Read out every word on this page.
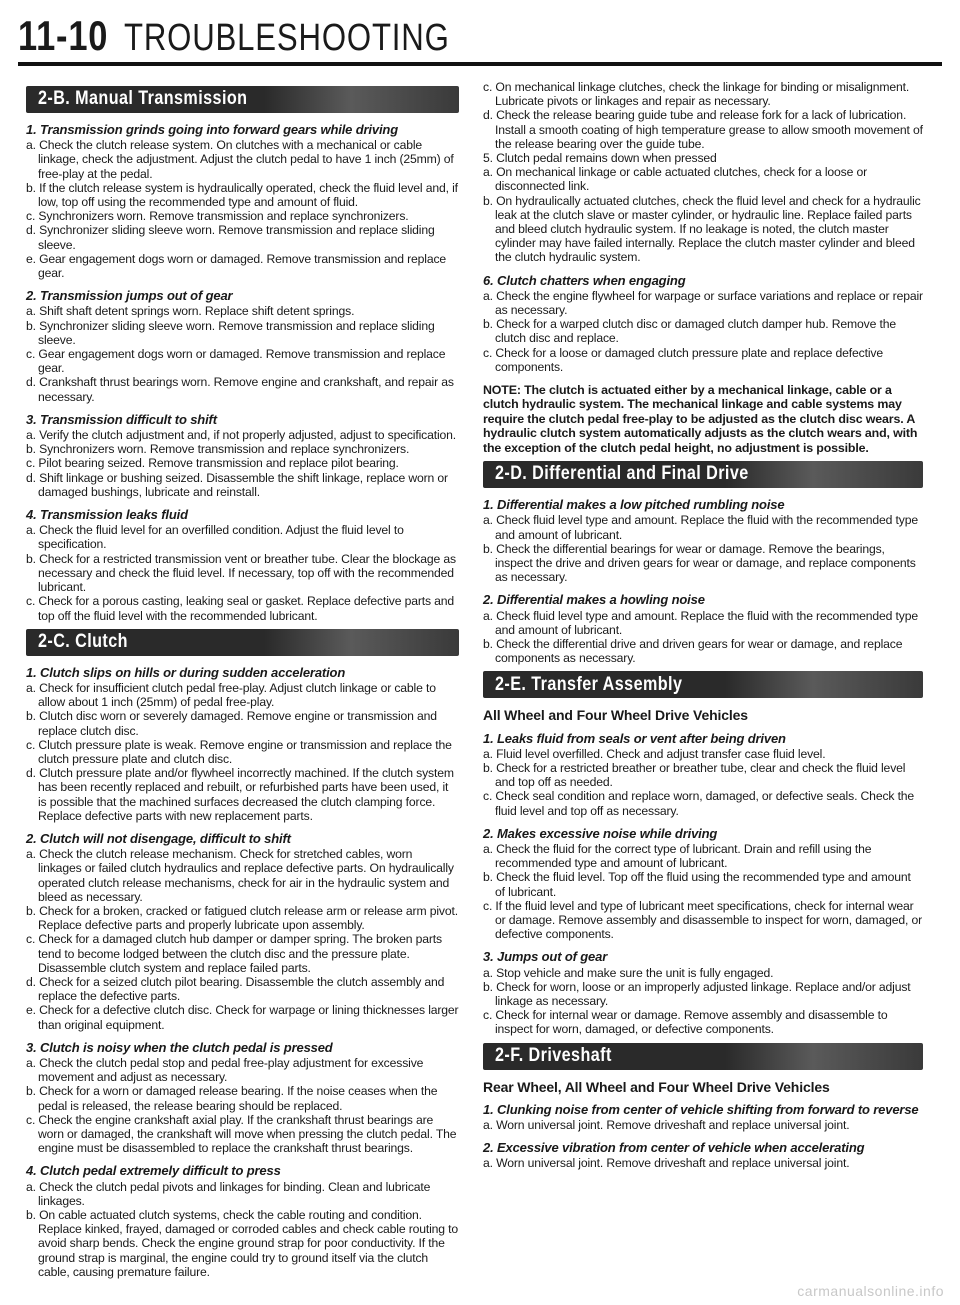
11-10 TROUBLESHOOTING
2-B. Manual Transmission
1. Transmission grinds going into forward gears while driving
a. Check the clutch release system. On clutches with a mechanical or cable linkage, check the adjustment. Adjust the clutch pedal to have 1 inch (25mm) of free-play at the pedal.
b. If the clutch release system is hydraulically operated, check the fluid level and, if low, top off using the recommended type and amount of fluid.
c. Synchronizers worn. Remove transmission and replace synchronizers.
d. Synchronizer sliding sleeve worn. Remove transmission and replace sliding sleeve.
e. Gear engagement dogs worn or damaged. Remove transmission and replace gear.
2. Transmission jumps out of gear
a. Shift shaft detent springs worn. Replace shift detent springs.
b. Synchronizer sliding sleeve worn. Remove transmission and replace sliding sleeve.
c. Gear engagement dogs worn or damaged. Remove transmission and replace gear.
d. Crankshaft thrust bearings worn. Remove engine and crankshaft, and repair as necessary.
3. Transmission difficult to shift
a. Verify the clutch adjustment and, if not properly adjusted, adjust to specification.
b. Synchronizers worn. Remove transmission and replace synchronizers.
c. Pilot bearing seized. Remove transmission and replace pilot bearing.
d. Shift linkage or bushing seized. Disassemble the shift linkage, replace worn or damaged bushings, lubricate and reinstall.
4. Transmission leaks fluid
a. Check the fluid level for an overfilled condition. Adjust the fluid level to specification.
b. Check for a restricted transmission vent or breather tube. Clear the blockage as necessary and check the fluid level. If necessary, top off with the recommended lubricant.
c. Check for a porous casting, leaking seal or gasket. Replace defective parts and top off the fluid level with the recommended lubricant.
2-C. Clutch
1. Clutch slips on hills or during sudden acceleration
a. Check for insufficient clutch pedal free-play. Adjust clutch linkage or cable to allow about 1 inch (25mm) of pedal free-play.
b. Clutch disc worn or severely damaged. Remove engine or transmission and replace clutch disc.
c. Clutch pressure plate is weak. Remove engine or transmission and replace the clutch pressure plate and clutch disc.
d. Clutch pressure plate and/or flywheel incorrectly machined. If the clutch system has been recently replaced and rebuilt, or refurbished parts have been used, it is possible that the machined surfaces decreased the clutch clamping force. Replace defective parts with new replacement parts.
2. Clutch will not disengage, difficult to shift
a. Check the clutch release mechanism. Check for stretched cables, worn linkages or failed clutch hydraulics and replace defective parts. On hydraulically operated clutch release mechanisms, check for air in the hydraulic system and bleed as necessary.
b. Check for a broken, cracked or fatigued clutch release arm or release arm pivot. Replace defective parts and properly lubricate upon assembly.
c. Check for a damaged clutch hub damper or damper spring. The broken parts tend to become lodged between the clutch disc and the pressure plate. Disassemble clutch system and replace failed parts.
d. Check for a seized clutch pilot bearing. Disassemble the clutch assembly and replace the defective parts.
e. Check for a defective clutch disc. Check for warpage or lining thicknesses larger than original equipment.
3. Clutch is noisy when the clutch pedal is pressed
a. Check the clutch pedal stop and pedal free-play adjustment for excessive movement and adjust as necessary.
b. Check for a worn or damaged release bearing. If the noise ceases when the pedal is released, the release bearing should be replaced.
c. Check the engine crankshaft axial play. If the crankshaft thrust bearings are worn or damaged, the crankshaft will move when pressing the clutch pedal. The engine must be disassembled to replace the crankshaft thrust bearings.
4. Clutch pedal extremely difficult to press
a. Check the clutch pedal pivots and linkages for binding. Clean and lubricate linkages.
b. On cable actuated clutch systems, check the cable routing and condition. Replace kinked, frayed, damaged or corroded cables and check cable routing to avoid sharp bends. Check the engine ground strap for poor conductivity. If the ground strap is marginal, the engine could try to ground itself via the clutch cable, causing premature failure.
c. On mechanical linkage clutches, check the linkage for binding or misalignment. Lubricate pivots or linkages and repair as necessary.
d. Check the release bearing guide tube and release fork for a lack of lubrication. Install a smooth coating of high temperature grease to allow smooth movement of the release bearing over the guide tube.
5. Clutch pedal remains down when pressed
a. On mechanical linkage or cable actuated clutches, check for a loose or disconnected link.
b. On hydraulically actuated clutches, check the fluid level and check for a hydraulic leak at the clutch slave or master cylinder, or hydraulic line. Replace failed parts and bleed clutch hydraulic system. If no leakage is noted, the clutch master cylinder may have failed internally. Replace the clutch master cylinder and bleed the clutch hydraulic system.
6. Clutch chatters when engaging
a. Check the engine flywheel for warpage or surface variations and replace or repair as necessary.
b. Check for a warped clutch disc or damaged clutch damper hub. Remove the clutch disc and replace.
c. Check for a loose or damaged clutch pressure plate and replace defective components.
NOTE: The clutch is actuated either by a mechanical linkage, cable or a clutch hydraulic system. The mechanical linkage and cable systems may require the clutch pedal free-play to be adjusted as the clutch disc wears. A hydraulic clutch system automatically adjusts as the clutch wears and, with the exception of the clutch pedal height, no adjustment is possible.
2-D. Differential and Final Drive
1. Differential makes a low pitched rumbling noise
a. Check fluid level type and amount. Replace the fluid with the recommended type and amount of lubricant.
b. Check the differential bearings for wear or damage. Remove the bearings, inspect the drive and driven gears for wear or damage, and replace components as necessary.
2. Differential makes a howling noise
a. Check fluid level type and amount. Replace the fluid with the recommended type and amount of lubricant.
b. Check the differential drive and driven gears for wear or damage, and replace components as necessary.
2-E. Transfer Assembly
All Wheel and Four Wheel Drive Vehicles
1. Leaks fluid from seals or vent after being driven
a. Fluid level overfilled. Check and adjust transfer case fluid level.
b. Check for a restricted breather or breather tube, clear and check the fluid level and top off as needed.
c. Check seal condition and replace worn, damaged, or defective seals. Check the fluid level and top off as necessary.
2. Makes excessive noise while driving
a. Check the fluid for the correct type of lubricant. Drain and refill using the recommended type and amount of lubricant.
b. Check the fluid level. Top off the fluid using the recommended type and amount of lubricant.
c. If the fluid level and type of lubricant meet specifications, check for internal wear or damage. Remove assembly and disassemble to inspect for worn, damaged, or defective components.
3. Jumps out of gear
a. Stop vehicle and make sure the unit is fully engaged.
b. Check for worn, loose or an improperly adjusted linkage. Replace and/or adjust linkage as necessary.
c. Check for internal wear or damage. Remove assembly and disassemble to inspect for worn, damaged, or defective components.
2-F. Driveshaft
Rear Wheel, All Wheel and Four Wheel Drive Vehicles
1. Clunking noise from center of vehicle shifting from forward to reverse
a. Worn universal joint. Remove driveshaft and replace universal joint.
2. Excessive vibration from center of vehicle when accelerating
a. Worn universal joint. Remove driveshaft and replace universal joint.
carmanualsonline.info
